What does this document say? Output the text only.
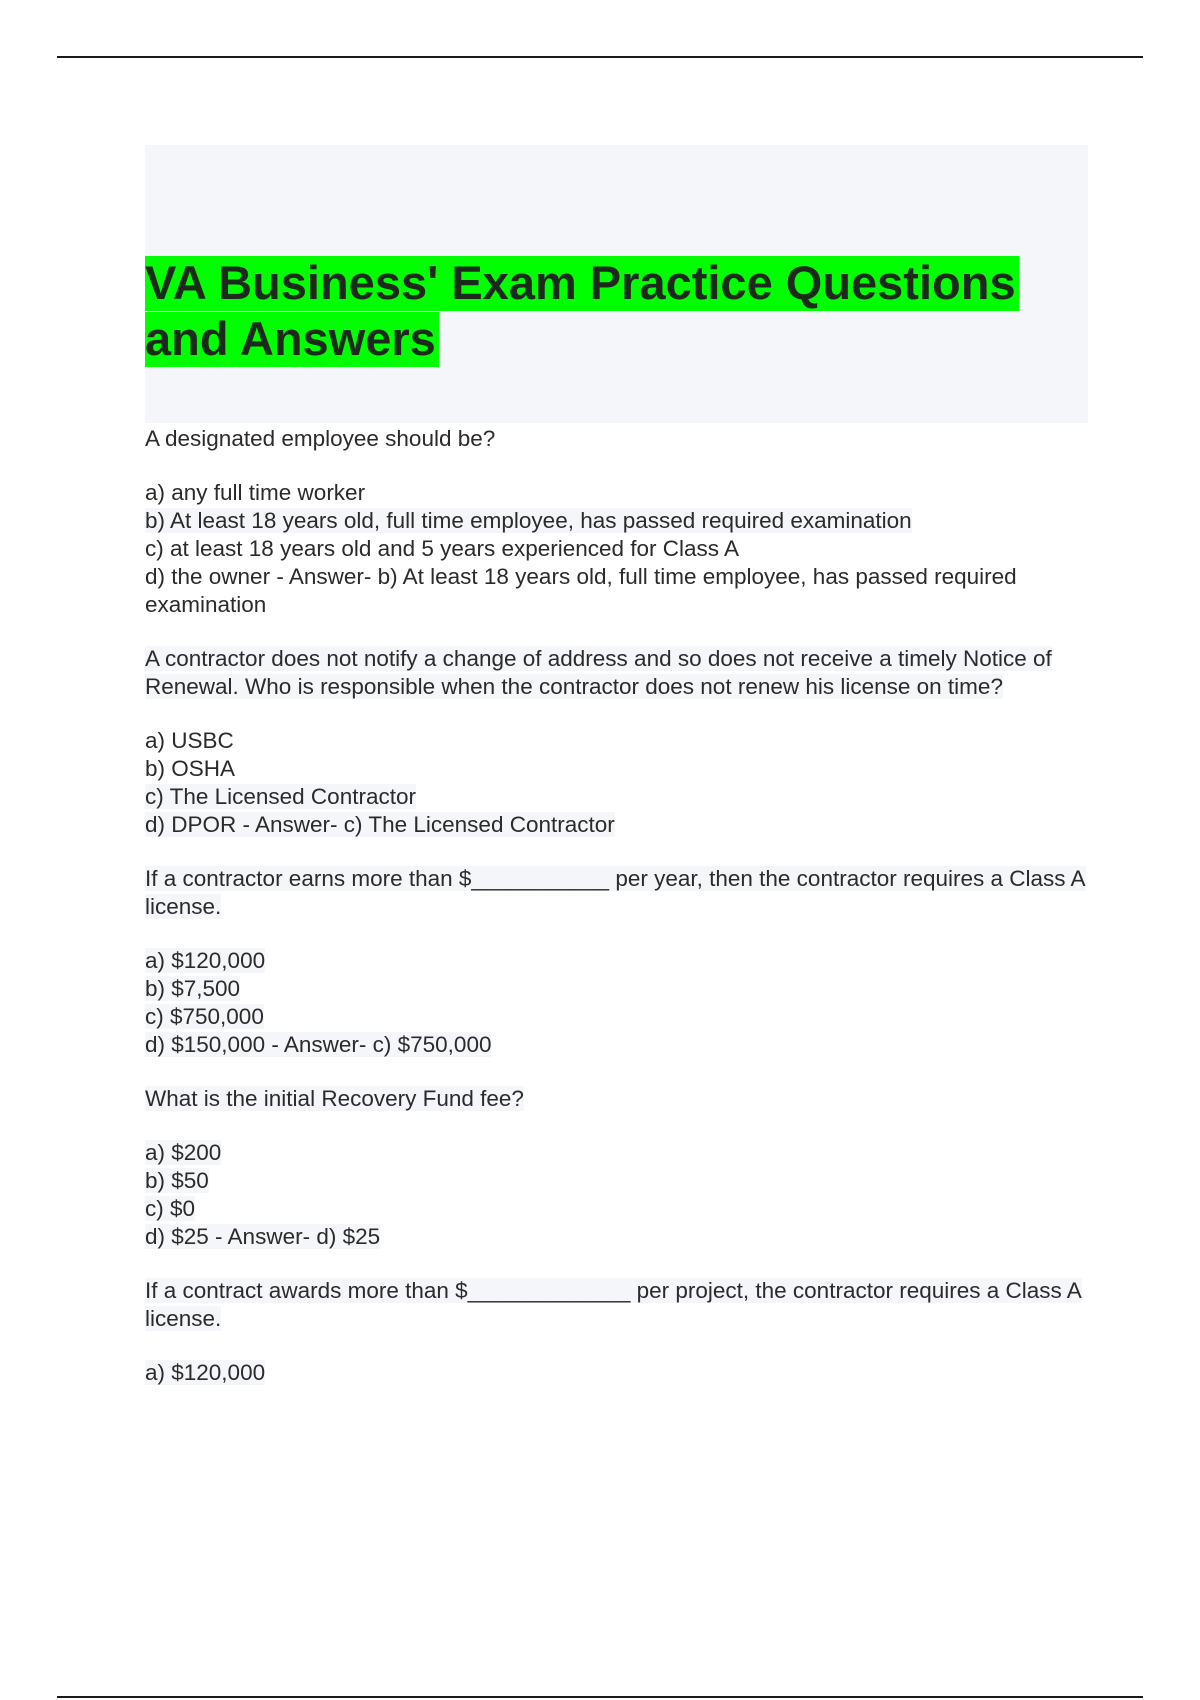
VA Business' Exam Practice Questions
and Answers

A designated employee should be?

a) any full time worker
b) At least 18 years old, full time employee, has passed required examination
c) at least 18 years old and 5 years experienced for Class A
d) the owner - Answer- b) At least 18 years old, full time employee, has passed required examination

A contractor does not notify a change of address and so does not receive a timely Notice of Renewal. Who is responsible when the contractor does not renew his license on time?

a) USBC
b) OSHA
c) The Licensed Contractor
d) DPOR - Answer- c) The Licensed Contractor

If a contractor earns more than $___________ per year, then the contractor requires a Class A license.

a) $120,000
b) $7,500
c) $750,000
d) $150,000 - Answer- c) $750,000

What is the initial Recovery Fund fee?

a) $200
b) $50
c) $0
d) $25 - Answer- d) $25

If a contract awards more than $_____________ per project, the contractor requires a Class A license.

a) $120,000
